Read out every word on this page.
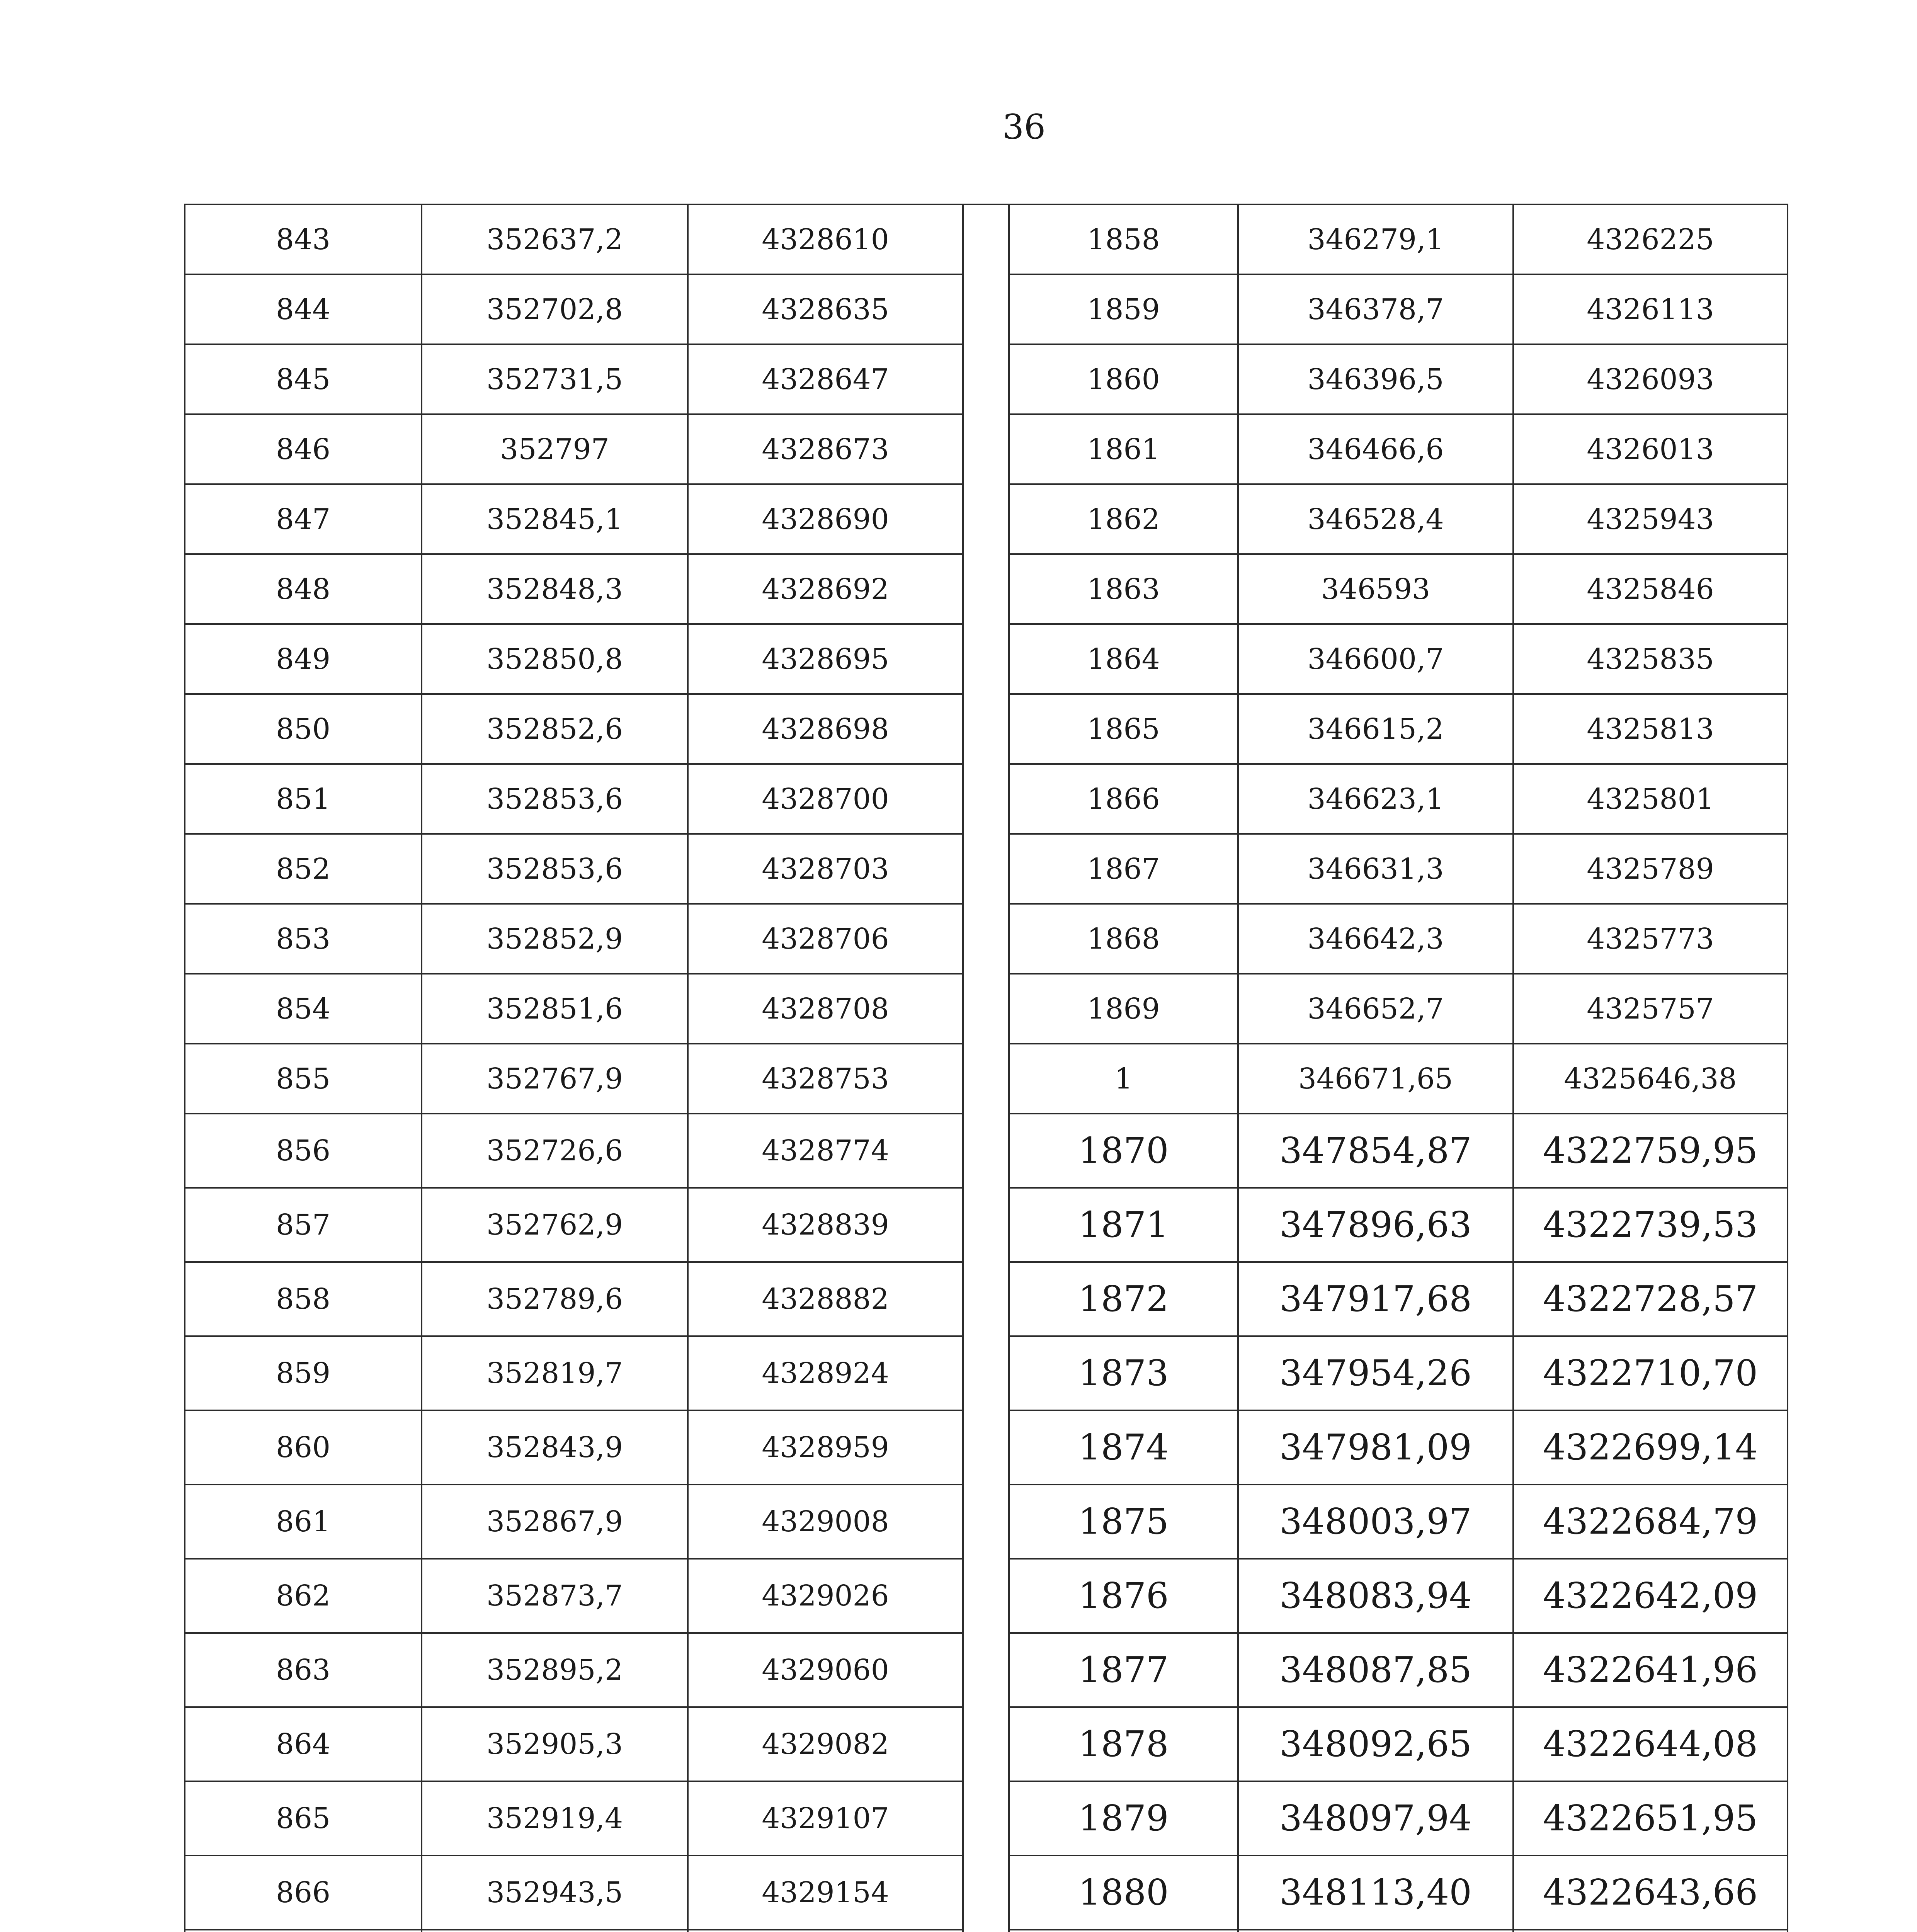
36
843	352637,2	4328610		1858	346279,1	4326225
844	352702,8	4328635		1859	346378,7	4326113
845	352731,5	4328647		1860	346396,5	4326093
846	352797	4328673		1861	346466,6	4326013
847	352845,1	4328690		1862	346528,4	4325943
848	352848,3	4328692		1863	346593	4325846
849	352850,8	4328695		1864	346600,7	4325835
850	352852,6	4328698		1865	346615,2	4325813
851	352853,6	4328700		1866	346623,1	4325801
852	352853,6	4328703		1867	346631,3	4325789
853	352852,9	4328706		1868	346642,3	4325773
854	352851,6	4328708		1869	346652,7	4325757
855	352767,9	4328753		1	346671,65	4325646,38
856	352726,6	4328774		1870	347854,87	4322759,95
857	352762,9	4328839		1871	347896,63	4322739,53
858	352789,6	4328882		1872	347917,68	4322728,57
859	352819,7	4328924		1873	347954,26	4322710,70
860	352843,9	4328959		1874	347981,09	4322699,14
861	352867,9	4329008		1875	348003,97	4322684,79
862	352873,7	4329026		1876	348083,94	4322642,09
863	352895,2	4329060		1877	348087,85	4322641,96
864	352905,3	4329082		1878	348092,65	4322644,08
865	352919,4	4329107		1879	348097,94	4322651,95
866	352943,5	4329154		1880	348113,40	4322643,66
